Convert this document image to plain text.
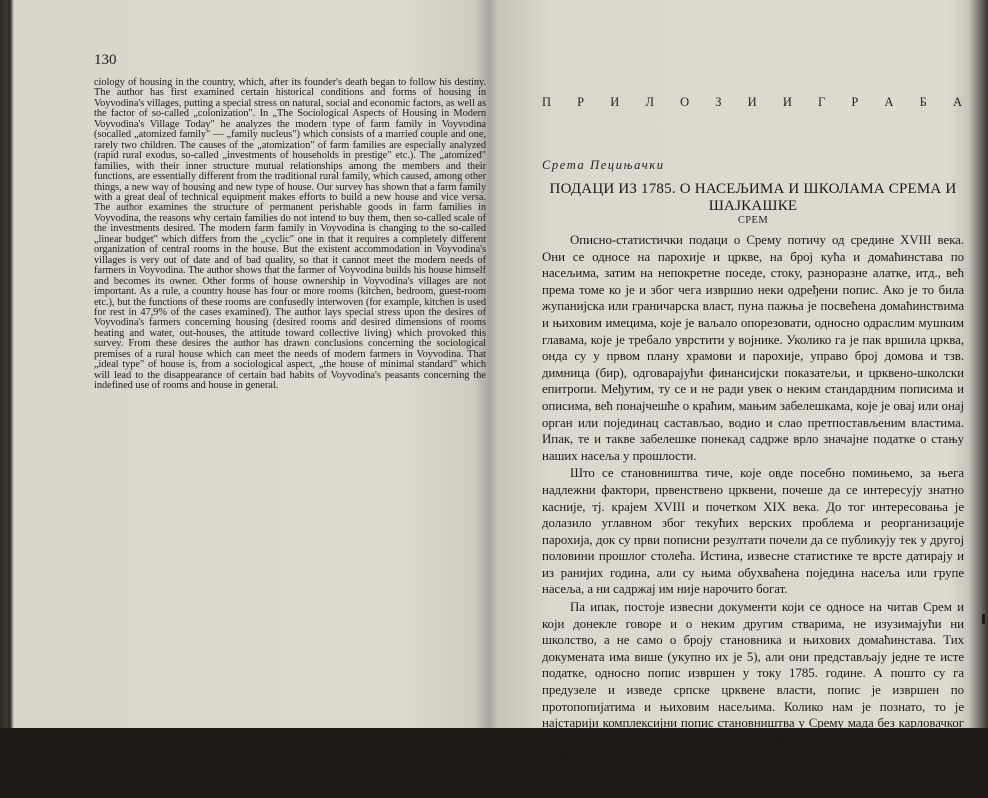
130

ciology of housing in the country, which, after its founder's death began to follow his destiny. The author has first examined certain historical conditions and forms of housing in Voyvodina's villages, putting a special stress on natural, social and economic factors, as well as the factor of so-called „colonization". In „The Sociological Aspects of Housing in Modern Voyvodina's Village Today" he analyzes the modern type of farm family in Voyvodina (socalled „atomized family" — „family nucleus") which consists of a married couple and one, rarely two children. The causes of the „atomization" of farm families are especially analyzed (rapid rural exodus, so-called „investments of households in prestige" etc.). The „atomized" families, with their inner structure mutual relationships among the members and their functions, are essentially different from the traditional rural family, which caused, among other things, a new way of housing and new type of house. Our survey has shown that a farm family with a great deal of technical equipment makes efforts to build a new house and vice versa. The author examines the structure of permanent perishable goods in farm families in Voyvodina, the reasons why certain families do not intend to buy them, then so-called scale of the investments desired. The modern farm family in Voyvodina is changing to the so-called „linear budget" which differs from the „cyclic" one in that it requires a completely different organization of central rooms in the house. But the existent accommodation in Voyvodina's villages is very out of date and of bad quality, so that it cannot meet the modern needs of farmers in Voyvodina. The author shows that the farmer of Voyvodina builds his house himself and becomes its owner. Other forms of house ownership in Voyvodina's villages are not important. As a rule, a country house has four or more rooms (kitchen, bedroom, guest-room etc.), but the functions of these rooms are confusedly interwoven (for example, kitchen is used for rest in 47,9% of the cases examined). The author lays special stress upon the desires of Voyvodina's farmers concerning housing (desired rooms and desired dimensions of rooms heating and water, out-houses, the attitude toward collective living) which provoked this survey. From these desires the author has drawn conclusions concerning the sociological premises of a rural house which can meet the needs of modern farmers in Voyvodina. That „ideal type" of house is, from a sociological aspect, „the house of minimal standard" which will lead to the disappearance of certain bad habits of Voyvodina's peasants concerning the indefined use of rooms and house in general.

П Р И Л О З И И Г Р А Б А

Срета Пецињачки

ПОДАЦИ ИЗ 1785. О НАСЕЉИМА И ШКОЛАМА СРЕМА И ШАЈКАШКЕ

СРЕМ

Описно-статистички подаци о Срему потичу од средине XVIII века. Они се односе на парохије и цркве, на број кућа и домаћинстава по насељима, затим на непокретне поседе, стоку, разноразне алатке, итд., већ према томе ко је и због чега извршио неки одређени попис. Ако је то била жупанијска или граничарска власт, пуна пажња је посвећена домаћинствима и њиховим имецима, које је ваљало опорезовати, односно одраслим мушким главама, које је требало уврстити у војнике. Уколико га је пак вршила црква, онда су у првом плану храмови и парохије, управо број домова и тзв. димница (бир), одговарајући финансијски показатељи, и црквено-школски епитропи. Међутим, ту се и не ради увек о неким стандардним пописима и описима, већ понајчешће о краћим, мањим забелешкама, које је овај или онај орган или појединац састављао, водио и слао претпостављеним властима. Ипак, те и такве забелешке понекад садрже врло значајне податке о стању наших насеља у прошлости.

Што се становништва тиче, које овде посебно помињемо, за њега надлежни фактори, првенствено црквени, почеше да се интересују знатно касније, тј. крајем XVIII и почетком XIX века. До тог интересовања је долазило углавном због текућих верских проблема и реорганизације парохија, док су први пописни резултати почели да се публикују тек у другој половини прошлог столећа. Истина, извесне статистике те врсте датирају и из ранијих година, али су њима обухваћена поједина насеља или групе насеља, а ни садржај им није нарочито богат.

Па ипак, постоје извесни документи који се односе на читав Срем и који донекле говоре и о неким другим стварима, не изузимајући ни школство, а не само о броју становника и њихових домаћинстава. Тих докумената има више (укупно их је 5), али они представљају једне те исте податке, односно попис извршен у току 1785. године. А пошто су га предузеле и изведе српске црквене власти, попис је извршен по протопопијатима и њиховим насељима. Колико нам је познато, то је најстарији комплексијни попис становништва у Срему мада без карловачког и митровачког протопопијата, управо збир одређених факата и записа о сваком његовом насељу и парохији понаособ. Штета је што се он односи искључиво на српски живаљ, док се припадници осталих народности и не помињу. Међутим, друкчије
